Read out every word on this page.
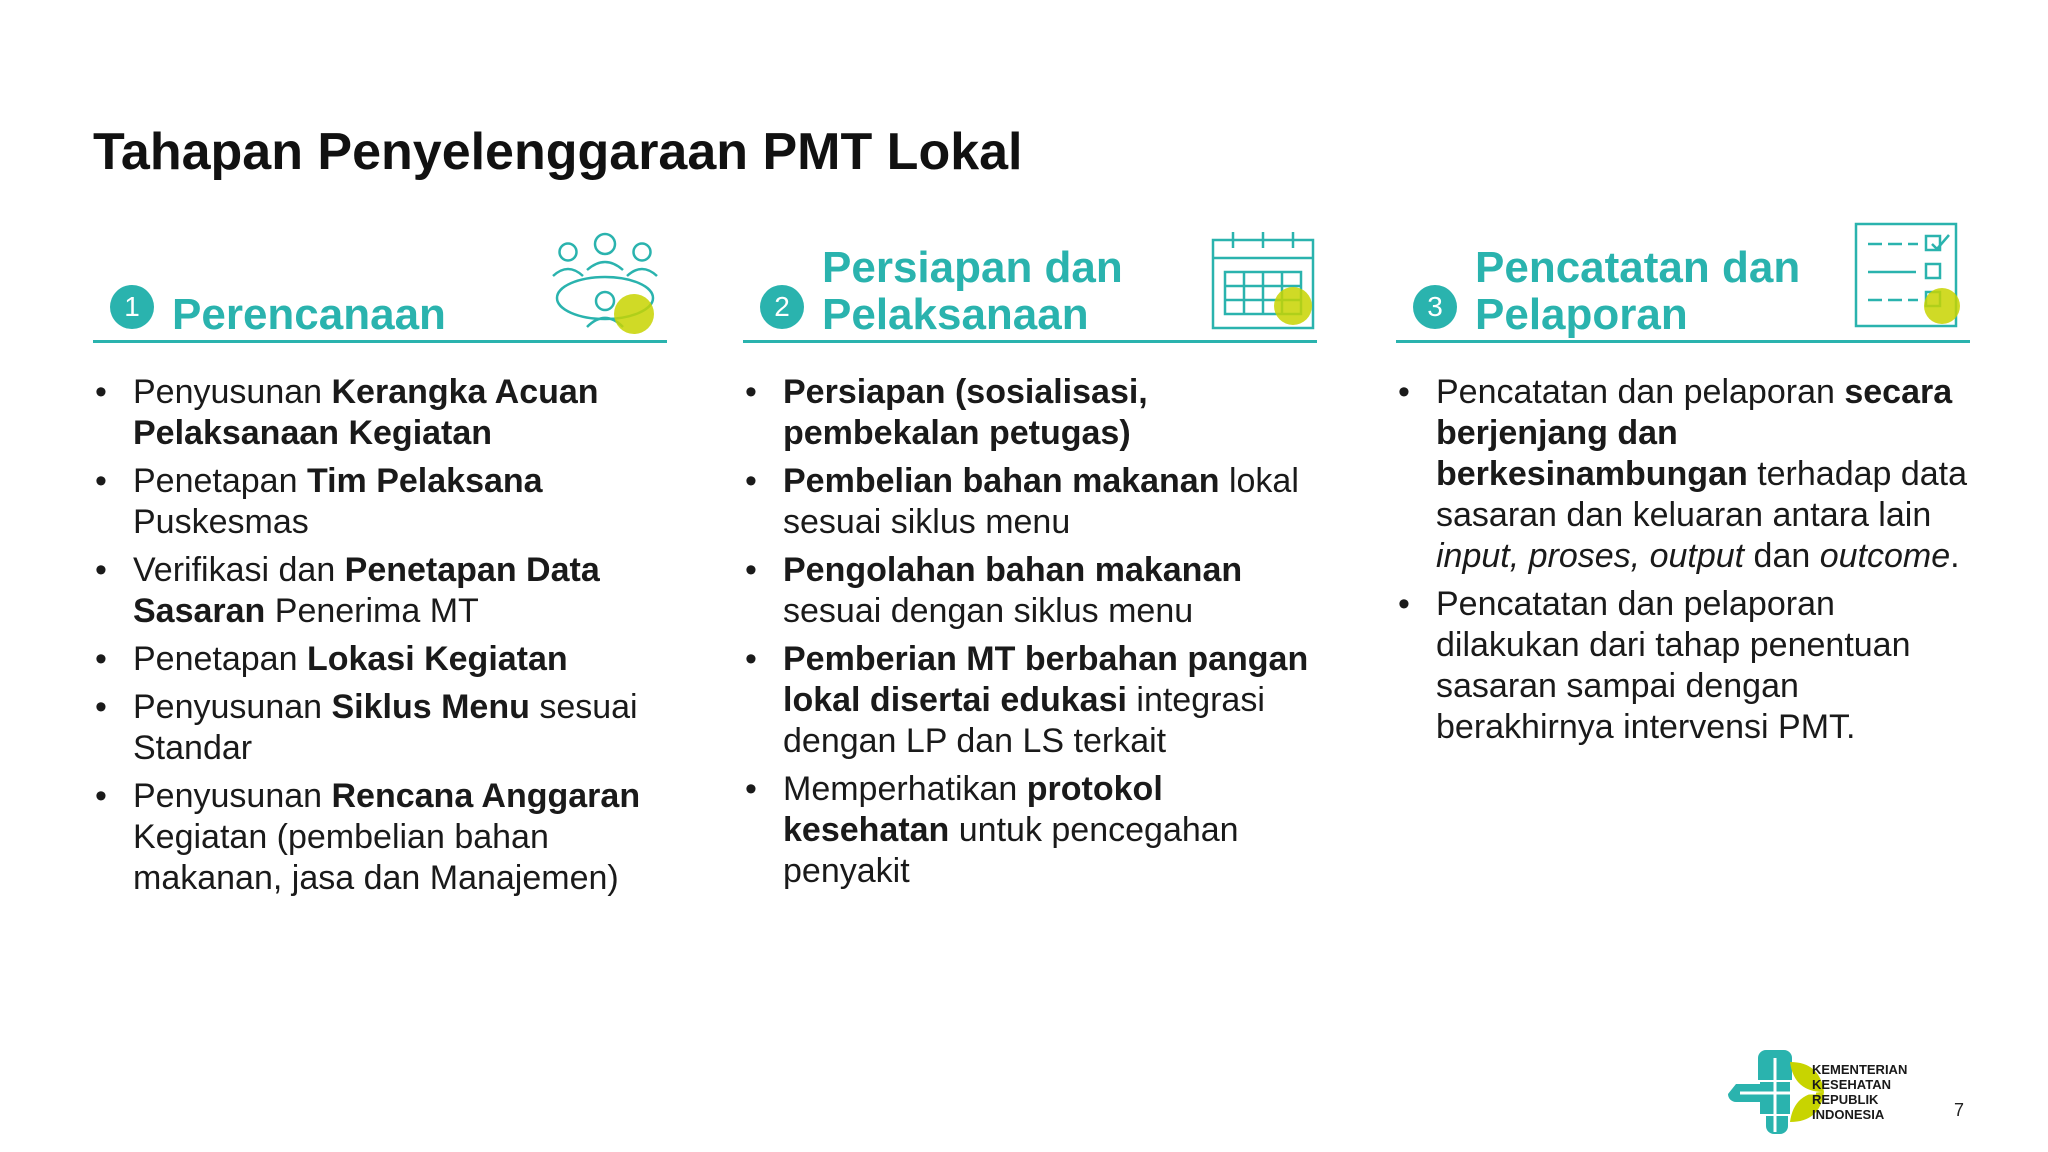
Tahapan Penyelenggaraan PMT Lokal
1 Perencanaan
• Penyusunan Kerangka Acuan Pelaksanaan Kegiatan
• Penetapan Tim Pelaksana Puskesmas
• Verifikasi dan Penetapan Data Sasaran Penerima MT
• Penetapan Lokasi Kegiatan
• Penyusunan Siklus Menu sesuai Standar
• Penyusunan Rencana Anggaran Kegiatan (pembelian bahan makanan, jasa dan Manajemen)
2
Persiapan dan
Pelaksanaan
• Persiapan (sosialisasi, pembekalan petugas)
• Pembelian bahan makanan lokal sesuai siklus menu
• Pengolahan bahan makanan sesuai dengan siklus menu
• Pemberian MT berbahan pangan lokal disertai edukasi integrasi dengan LP dan LS terkait
• Memperhatikan protokol kesehatan untuk pencegahan penyakit
3
Pencatatan dan
Pelaporan
• Pencatatan dan pelaporan secara berjenjang dan berkesinambungan terhadap data sasaran dan keluaran antara lain input, proses, output dan outcome.
• Pencatatan dan pelaporan dilakukan dari tahap penentuan sasaran sampai dengan berakhirnya intervensi PMT.
KEMENTERIAN
KESEHATAN
REPUBLIK
INDONESIA	7
